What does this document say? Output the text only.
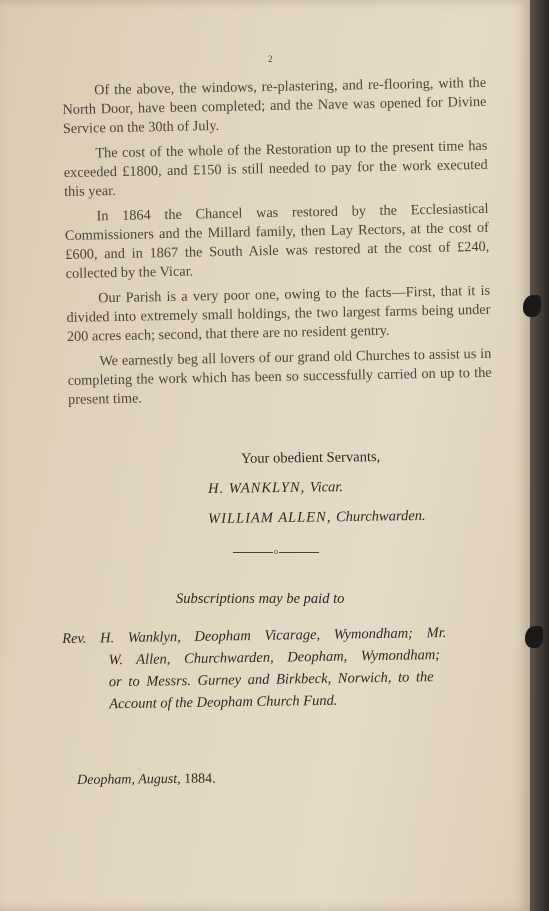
2

Of the above, the windows, re-plastering, and re-flooring, with the North Door, have been completed; and the Nave was opened for Divine Service on the 30th of July.

The cost of the whole of the Restoration up to the present time has exceeded £1800, and £150 is still needed to pay for the work executed this year.

In 1864 the Chancel was restored by the Ecclesiastical Commissioners and the Millard family, then Lay Rectors, at the cost of £600, and in 1867 the South Aisle was restored at the cost of £240, collected by the Vicar.

Our Parish is a very poor one, owing to the facts—First, that it is divided into extremely small holdings, the two largest farms being under 200 acres each; second, that there are no resident gentry.

We earnestly beg all lovers of our grand old Churches to assist us in completing the work which has been so successfully carried on up to the present time.

Your obedient Servants,
H. WANKLYN, Vicar.
WILLIAM ALLEN, Churchwarden.
o
Subscriptions may be paid to
Rev. H. Wanklyn, Deopham Vicarage, Wymondham; Mr.
W. Allen, Churchwarden, Deopham, Wymondham;
or to Messrs. Gurney and Birkbeck, Norwich, to the
Account of the Deopham Church Fund.
Deopham, August, 1884.
